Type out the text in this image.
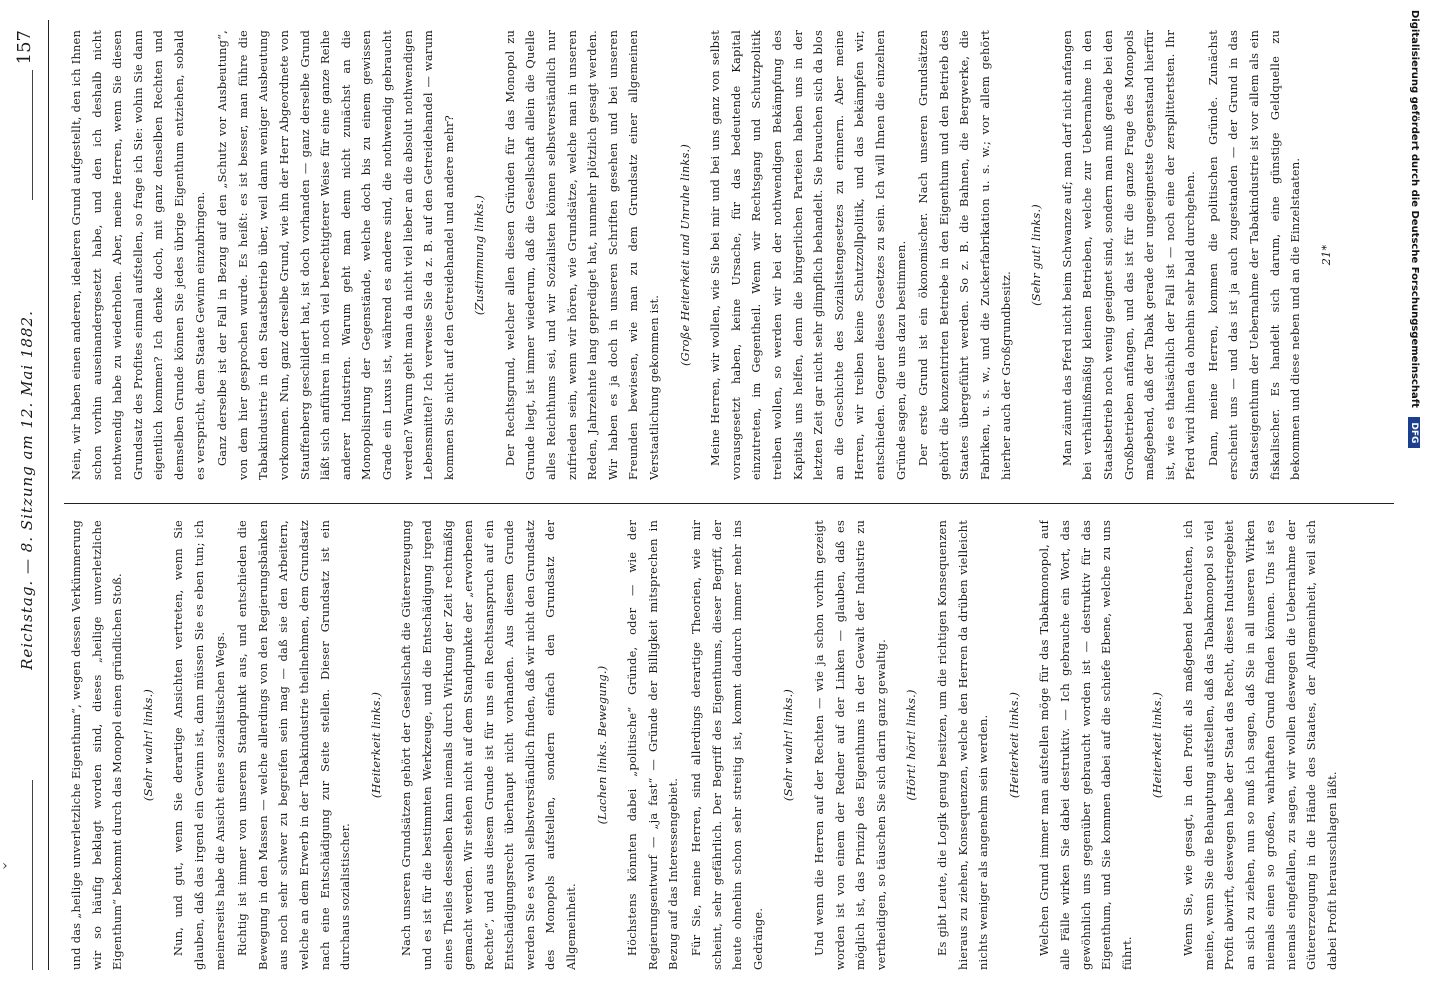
Digitalisierung gefördert durch die Deutsche Forschungsgemeinschaft DFG
›
Reichstag. — 8. Sitzung am 12. Mai 1882.
157

und das „heilige unverletzliche Eigenthum“, wegen dessen Verkümmerung wir so häufig beklagt worden sind, dieses „heilige unverletzliche Eigenthum“ bekommt durch das Monopol einen gründlichen Stoß.	(Sehr wahr! links.)	Nun, und gut, wenn Sie derartige Ansichten vertreten, wenn Sie glauben, daß das irgend ein Gewinn ist, dann müssen Sie es eben tun; ich meinerseits habe die Ansicht eines sozialistischen Wegs. Richtig ist immer von unserem Standpunkt aus, und entschieden die Bewegung in den Massen — welche allerdings von den Regierungsbänken aus noch sehr schwer zu begreifen sein mag — daß sie den Arbeitern, welche an dem Erwerb in der Tabakindustrie theilnehmen, dem Grundsatz nach eine Entschädigung zur Seite stellen. Dieser Grundsatz ist ein durchaus sozialistischer.

(Heiterkeit links.)	Nach unseren Grundsätzen gehört der Gesellschaft die Gütererzeugung und es ist für die bestimmten Werkzeuge, und die Entschädigung irgend eines Theiles desselben kann niemals durch Wirkung der Zeit rechtmäßig gemacht werden. Wir stehen nicht auf dem Standpunkte der „erworbenen Rechte“, und aus diesem Grunde ist für uns ein Rechtsanspruch auf ein Entschädigungsrecht überhaupt nicht vorhanden. Aus diesem Grunde werden Sie es wohl selbstverständlich finden, daß wir nicht den Grundsatz des Monopols aufstellen, sondern einfach den Grundsatz der Allgemeinheit.

(Lachen links. Bewegung.)	Höchstens könnten dabei „politische“ Gründe, oder — wie der Regierungsentwurf — „ja fast“ — Gründe der Billigkeit mitsprechen in Bezug auf das Interessengebiet. Für Sie, meine Herren, sind allerdings derartige Theorien, wie mir scheint, sehr gefährlich. Der Begriff des Eigenthums, dieser Begriff, der heute ohnehin schon sehr streitig ist, kommt dadurch immer mehr ins Gedränge.

(Sehr wahr! links.)	Und wenn die Herren auf der Rechten — wie ja schon vorhin gezeigt worden ist von einem der Redner auf der Linken — glauben, daß es möglich ist, das Prinzip des Eigenthums in der Gewalt der Industrie zu vertheidigen, so täuschen Sie sich darin ganz gewaltig.	(Hört! hört! links.)	Es gibt Leute, die Logik genug besitzen, um die richtigen Konsequenzen hieraus zu ziehen, Konsequenzen, welche den Herren da drüben vielleicht nichts weniger als angenehm sein werden.	(Heiterkeit links.)	Welchen Grund immer man aufstellen möge für das Tabakmonopol, auf alle Fälle wirken Sie dabei destruktiv. — Ich gebrauche ein Wort, das gewöhnlich uns gegenüber gebraucht worden ist — destruktiv für das Eigenthum, und Sie kommen dabei auf die schiefe Ebene, welche zu uns führt.

(Heiterkeit links.)	Wenn Sie, wie gesagt, in den Profit als maßgebend betrachten, ich meine, wenn Sie die Behauptung aufstellen, daß das Tabakmonopol so viel Profit abwirft, deswegen habe der Staat das Recht, dieses Industriegebiet an sich zu ziehen, nun so muß ich sagen, daß Sie in all unseren Wirken niemals einen so großen, wahrhaften Grund finden können. Uns ist es niemals eingefallen, zu sagen, wir wollen deswegen die Uebernahme der Gütererzeugung in die Hände des Staates, der Allgemeinheit, weil sich dabei Profit herausschlagen läßt.

Nein, wir haben einen anderen, idealeren Grund aufgestellt, den ich Ihnen schon vorhin auseinandergesetzt habe, und den ich deshalb nicht nothwendig habe zu wiederholen. Aber, meine Herren, wenn Sie diesen Grundsatz des Profites einmal aufstellen, so frage ich Sie: wohin Sie dann eigentlich kommen? Ich denke doch, mit ganz denselben Rechten und demselben Grunde können Sie jedes übrige Eigenthum entziehen, sobald es verspricht, dem Staate Gewinn einzubringen. Ganz derselbe ist der Fall in Bezug auf den „Schutz vor Ausbeutung“, von dem hier gesprochen wurde. Es heißt: es ist besser, man führe die Tabakindustrie in den Staatsbetrieb über, weil dann weniger Ausbeutung vorkommen. Nun, ganz derselbe Grund, wie ihn der Herr Abgeordnete von Stauffenberg geschildert hat, ist doch vorhanden — ganz derselbe Grund läßt sich anführen in noch viel berechtigterer Weise für eine ganze Reihe anderer Industrien. Warum geht man denn nicht zunächst an die Monopolisirung der Gegenstände, welche doch bis zu einem gewissen Grade ein Luxus ist, während es andere sind, die nothwendig gebraucht werden? Warum geht man da nicht viel lieber an die absolut nothwendigen Lebensmittel? Ich verweise Sie da z. B. auf den Getreidehandel — warum kommen Sie nicht auf den Getreidehandel und andere mehr?	(Zustimmung links.)	Der Rechtsgrund, welcher allen diesen Gründen für das Monopol zu Grunde liegt, ist immer wiederum, daß die Gesellschaft allein die Quelle alles Reichthums sei, und wir Sozialisten können selbstverständlich nur zufrieden sein, wenn wir hören, wie Grundsätze, welche man in unseren Reden, Jahrzehnte lang geprediget hat, nunmehr plötzlich gesagt werden. Wir haben es ja doch in unseren Schriften gesehen und bei unseren Freunden bewiesen, wie man zu dem Grundsatz einer allgemeinen Verstaatlichung gekommen ist.

(Große Heiterkeit und Unruhe links.)	Meine Herren, wir wollen, wie Sie bei mir und bei uns ganz von selbst vorausgesetzt haben, keine Ursache, für das bedeutende Kapital einzutreten, im Gegentheil. Wenn wir Rechtsgang und Schutzpolitik treiben wollen, so werden wir bei der nothwendigen Bekämpfung des Kapitals uns helfen, denn die bürgerlichen Parteien haben uns in der letzten Zeit gar nicht sehr glimpflich behandelt. Sie brauchen sich da blos an die Geschichte des Sozialistengesetzes zu erinnern. Aber meine Herren, wir treiben keine Schutzzollpolitik, und das bekämpfen wir, entschieden. Gegner dieses Gesetzes zu sein. Ich will Ihnen die einzelnen Gründe sagen, die uns dazu bestimmen. Der erste Grund ist ein ökonomischer. Nach unseren Grundsätzen gehört die konzentrirten Betriebe in den Eigenthum und den Betrieb des Staates übergeführt werden. So z. B. die Bahnen, die Bergwerke, die Fabriken, u. s. w., und die Zuckerfabrikation u. s. w.; vor allem gehört hierher auch der Großgrundbesitz.

(Sehr gut! links.)	Man zäumt das Pferd nicht beim Schwanze auf; man darf nicht anfangen bei verhältnißmäßig kleinen Betrieben, welche zur Uebernahme in den Staatsbetrieb noch wenig geeignet sind, sondern man muß gerade bei den Großbetrieben anfangen, und das ist für die ganze Frage des Monopols maßgebend, daß der Tabak gerade der ungeeignetste Gegenstand hierfür ist, wie es thatsächlich der Fall ist — noch eine der zersplittertsten. Ihr Pferd wird ihnen da ohnehin sehr bald durchgehen. Dann, meine Herren, kommen die politischen Gründe. Zunächst erscheint uns — und das ist ja auch zugestanden — der Grund in das Staatseigenthum der Uebernahme der Tabakindustrie ist vor allem als ein fiskalischer. Es handelt sich darum, eine günstige Geldquelle zu bekommen und diese neben und an die Einzelstaaten.	21*
